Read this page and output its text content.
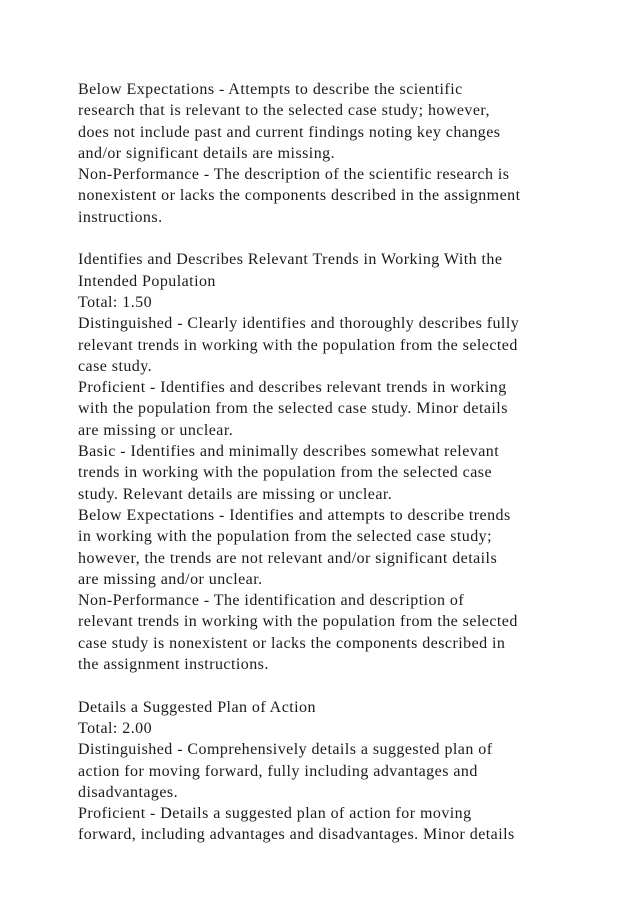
Below Expectations - Attempts to describe the scientific
research that is relevant to the selected case study; however,
does not include past and current findings noting key changes
and/or significant details are missing.
Non-Performance - The description of the scientific research is
nonexistent or lacks the components described in the assignment
instructions.
Identifies and Describes Relevant Trends in Working With the
Intended Population
Total: 1.50
Distinguished - Clearly identifies and thoroughly describes fully
relevant trends in working with the population from the selected
case study.
Proficient - Identifies and describes relevant trends in working
with the population from the selected case study. Minor details
are missing or unclear.
Basic - Identifies and minimally describes somewhat relevant
trends in working with the population from the selected case
study. Relevant details are missing or unclear.
Below Expectations - Identifies and attempts to describe trends
in working with the population from the selected case study;
however, the trends are not relevant and/or significant details
are missing and/or unclear.
Non-Performance - The identification and description of
relevant trends in working with the population from the selected
case study is nonexistent or lacks the components described in
the assignment instructions.
Details a Suggested Plan of Action
Total: 2.00
Distinguished - Comprehensively details a suggested plan of
action for moving forward, fully including advantages and
disadvantages.
Proficient - Details a suggested plan of action for moving
forward, including advantages and disadvantages. Minor details
